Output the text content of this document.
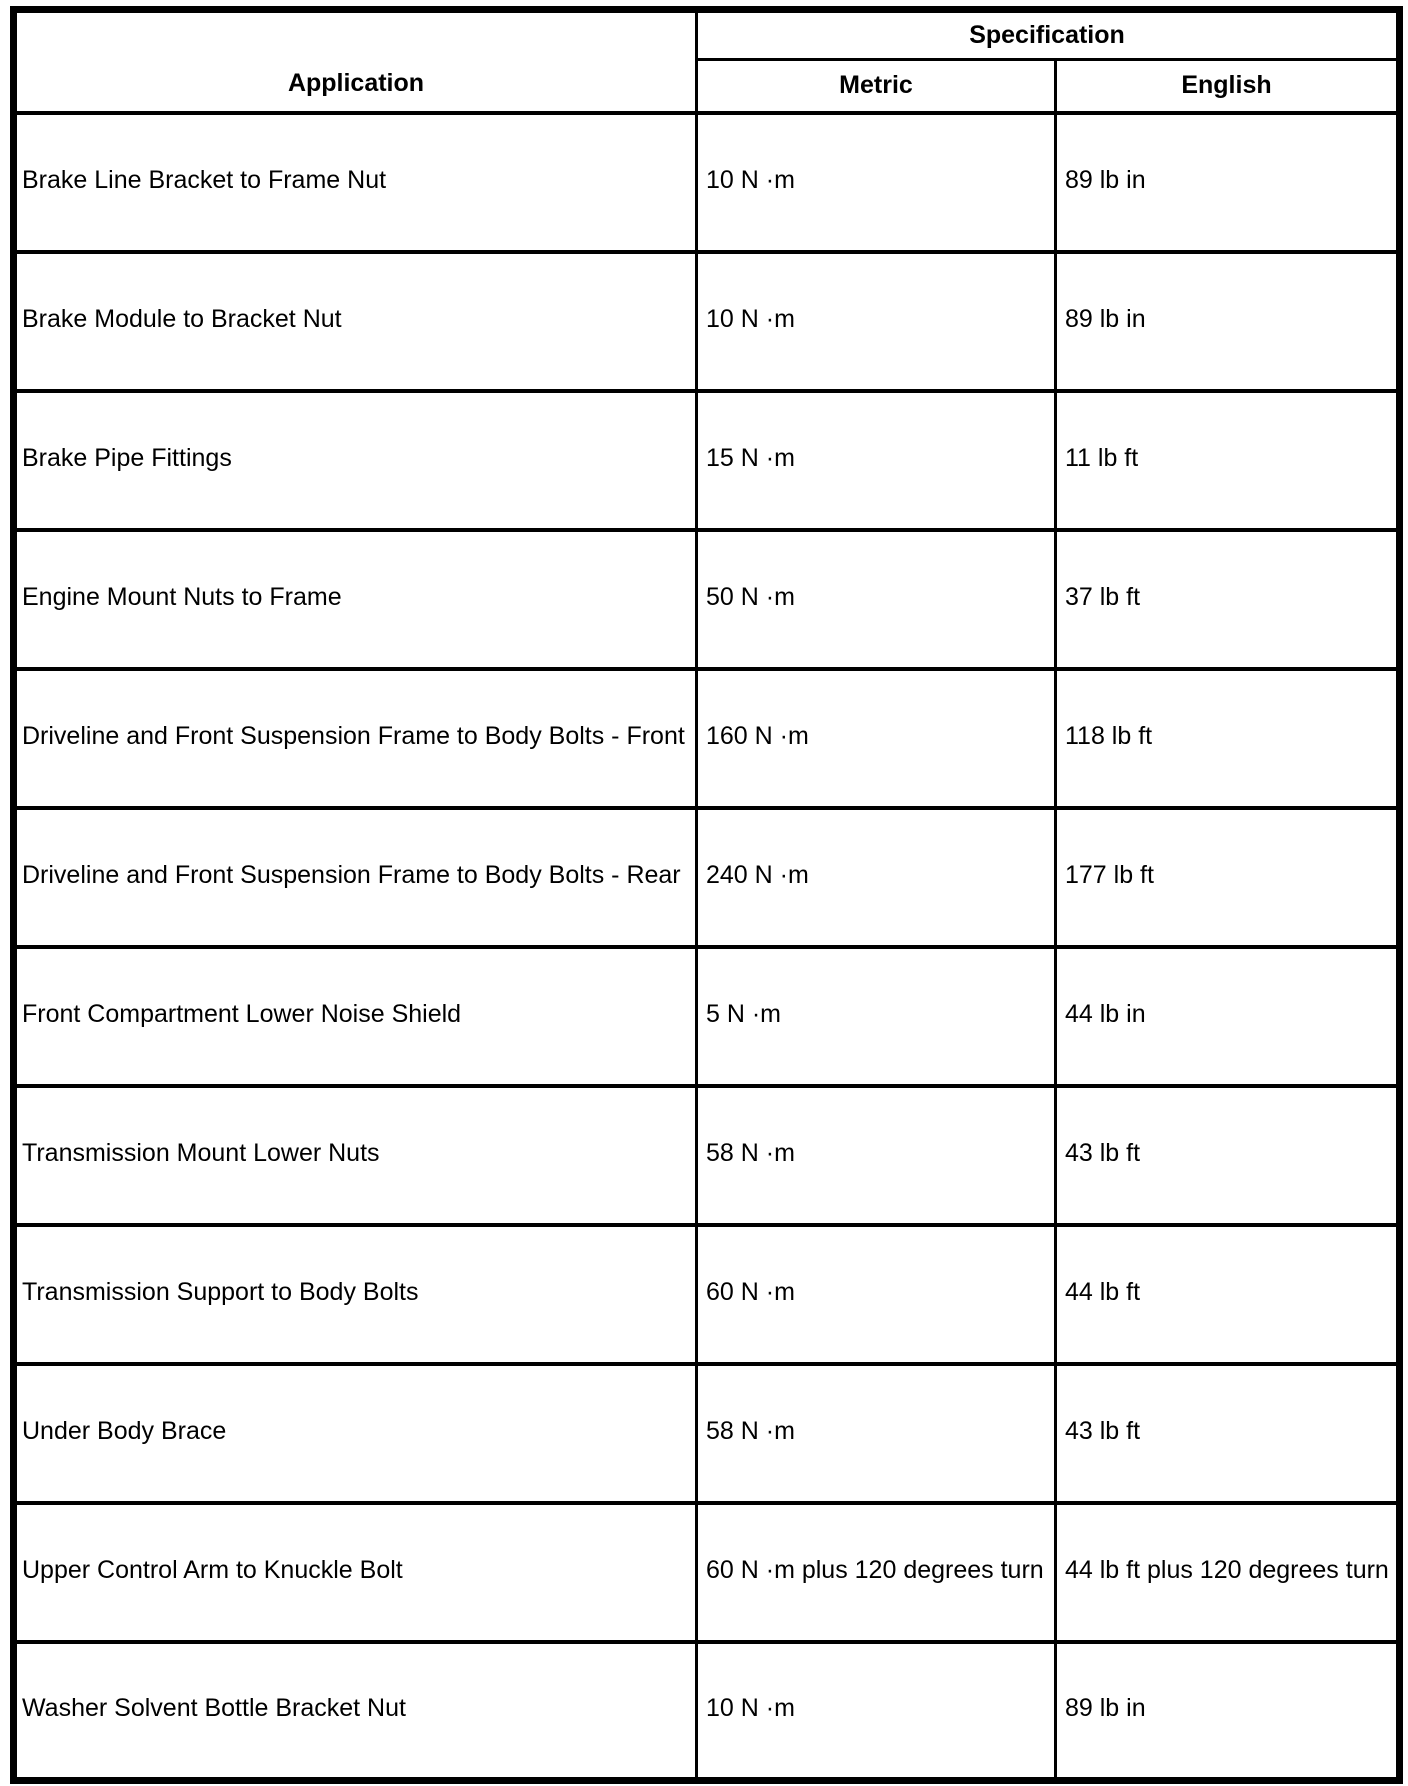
Application	Specification	
	Metric	English
Brake Line Bracket to Frame Nut	10 N ·m	89 lb in
Brake Module to Bracket Nut	10 N ·m	89 lb in
Brake Pipe Fittings	15 N ·m	11 lb ft
Engine Mount Nuts to Frame	50 N ·m	37 lb ft
Driveline and Front Suspension Frame to Body Bolts - Front	160 N ·m	118 lb ft
Driveline and Front Suspension Frame to Body Bolts - Rear	240 N ·m	177 lb ft
Front Compartment Lower Noise Shield	5 N ·m	44 lb in
Transmission Mount Lower Nuts	58 N ·m	43 lb ft
Transmission Support to Body Bolts	60 N ·m	44 lb ft
Under Body Brace	58 N ·m	43 lb ft
Upper Control Arm to Knuckle Bolt	60 N ·m plus 120 degrees turn	44 lb ft plus 120 degrees turn
Washer Solvent Bottle Bracket Nut	10 N ·m	89 lb in
